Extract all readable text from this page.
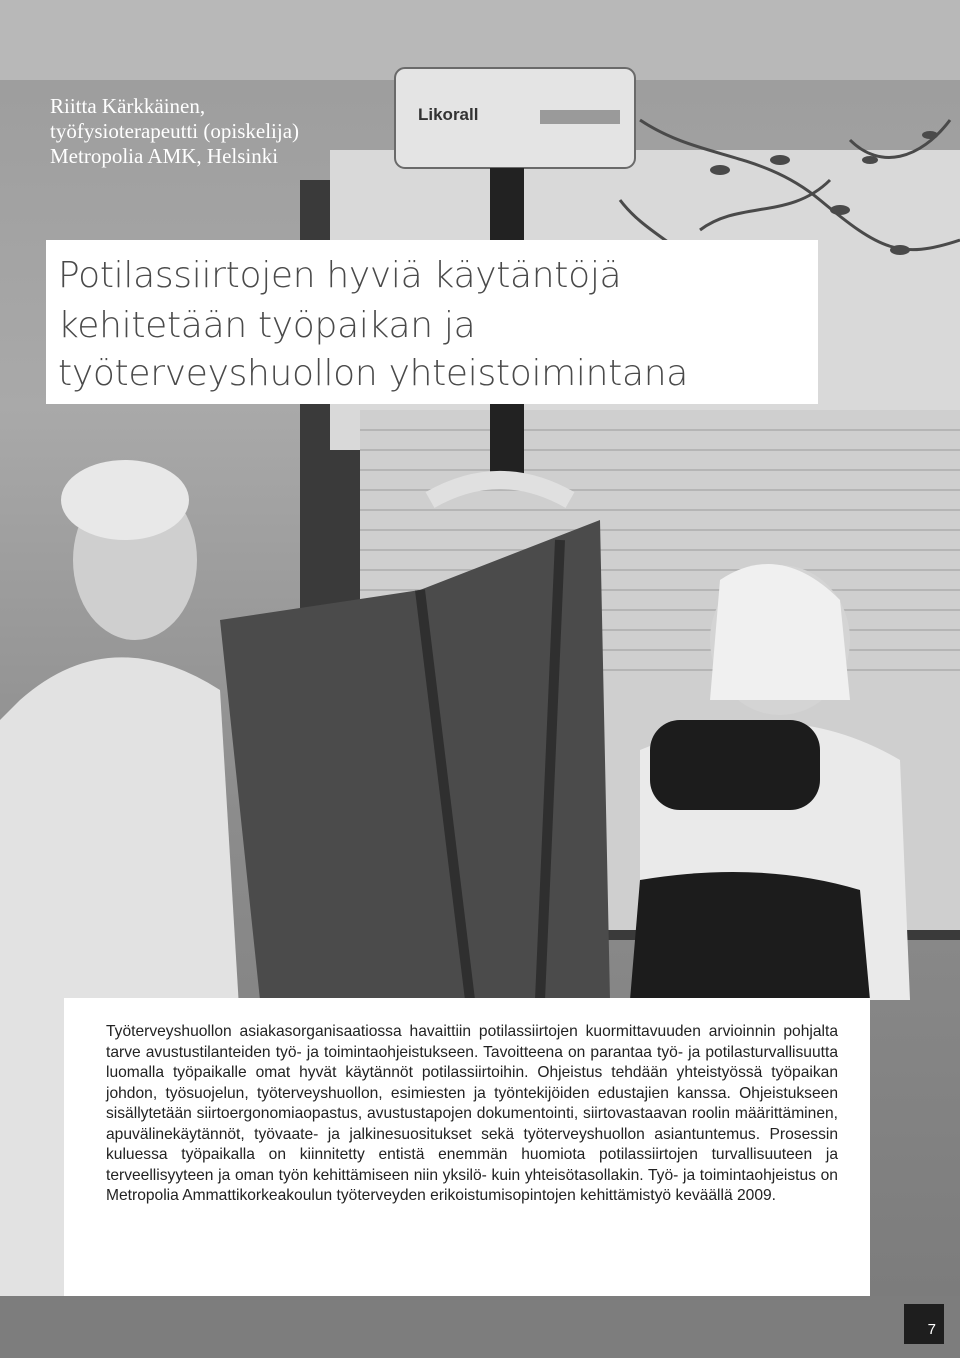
Likorall
Riitta Kärkkäinen,
työfysioterapeutti (opiskelija)
Metropolia AMK, Helsinki
Potilassiirtojen hyviä käytäntöjä
kehitetään työpaikan ja
työterveyshuollon yhteistoimintana
Työterveyshuollon asiakasorganisaatiossa havaittiin potilassiirtojen kuormittavuuden arvioinnin pohjalta tarve avustustilanteiden työ- ja toimintaohjeistukseen. Tavoitteena on parantaa työ- ja potilasturvallisuutta luomalla työpaikalle omat hyvät käytännöt potilassiirtoihin. Ohjeistus tehdään yhteistyössä työpaikan johdon, työsuojelun, työterveyshuollon, esimiesten ja työntekijöiden edustajien kanssa. Ohjeistukseen sisällytetään siirtoergonomiaopastus, avustustapojen dokumentointi, siirtovastaavan roolin määrittäminen, apuvälinekäytännöt, työvaate- ja jalkinesuositukset sekä työterveyshuollon asiantuntemus. Prosessin kuluessa työpaikalla on kiinnitetty entistä enemmän huomiota potilassiirtojen turvallisuuteen ja terveellisyyteen ja oman työn kehittämiseen niin yksilö- kuin yhteisötasollakin. Työ- ja toimintaohjeistus on Metropolia Ammattikorkeakoulun työterveyden erikoistumisopintojen kehittämistyö keväällä 2009.
7
